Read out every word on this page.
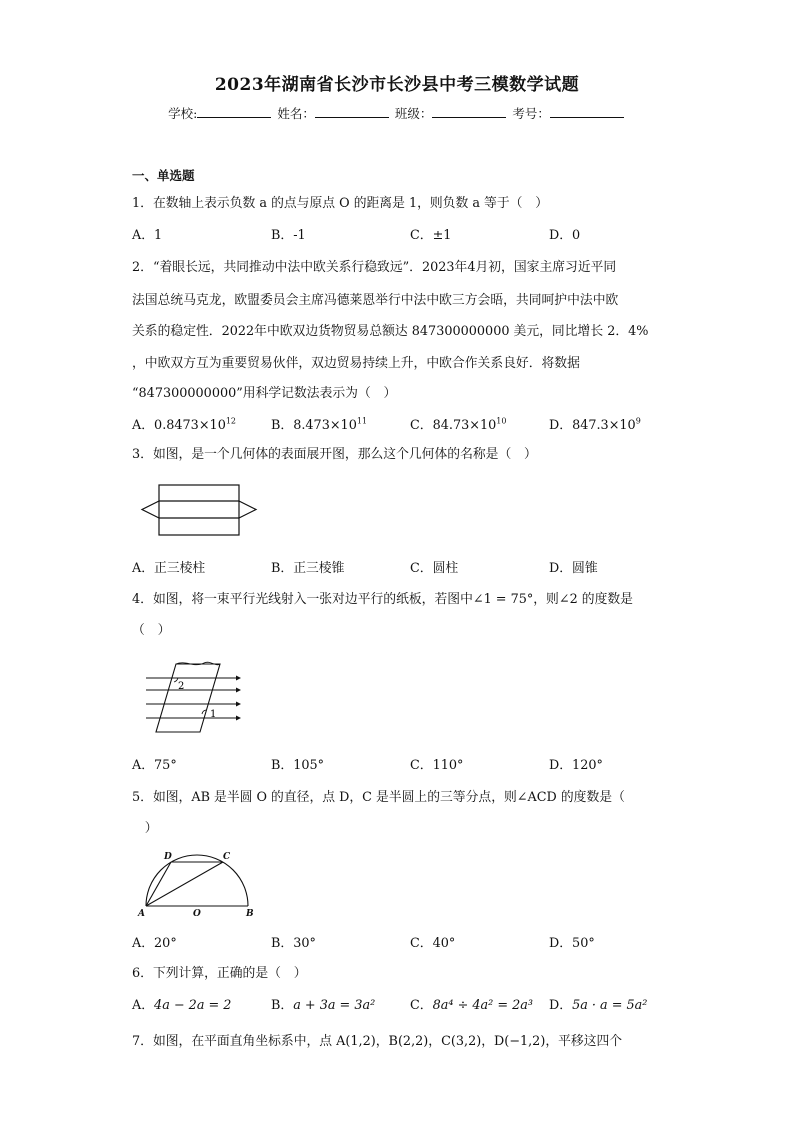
2023年湖南省长沙市长沙县中考三模数学试题
学校:	姓名：	班级：	考号：
一、单选题
1．在数轴上表示负数 a 的点与原点 O 的距离是 1，则负数 a 等于（　）
A．1	B．-1	C．±1	D．0
2．“着眼长远，共同推动中法中欧关系行稳致远”．2023年4月初，国家主席习近平同
法国总统马克龙，欧盟委员会主席冯德莱恩举行中法中欧三方会晤，共同呵护中法中欧
关系的稳定性．2022年中欧双边货物贸易总额达 847300000000 美元，同比增长 2．4%
，中欧双方互为重要贸易伙伴，双边贸易持续上升，中欧合作关系良好．将数据
“847300000000”用科学记数法表示为（　）
A．$0.8473\times 10^{12}$	B．$8.473\times 10^{11}$	C．$84.73\times 10^{10}$	D．$847.3\times 10^9$
3．如图，是一个几何体的表面展开图，那么这个几何体的名称是（　）
A．正三棱柱	B．正三棱锥	C．圆柱	D．圆锥
4．如图，将一束平行光线射入一张对边平行的纸板，若图中∠1 = 75°，则∠2 的度数是
（　）
2
1
A．75°	B．105°	C．110°	D．120°
5．如图，AB 是半圆 O 的直径，点 D，C 是半圆上的三等分点，则∠ACD 的度数是（
　）
A	O	B
C
D
A．20°	B．30°	C．40°	D．50°
6．下列计算，正确的是（　）
A．4a − 2a = 2	B．a + 3a = 3a²	C．8a⁴ ÷ 4a² = 2a³ D．5a · a = 5a²
7．如图，在平面直角坐标系中，点 A(1,2)，B(2,2)，C(3,2)，D(−1,2)，平移这四个
